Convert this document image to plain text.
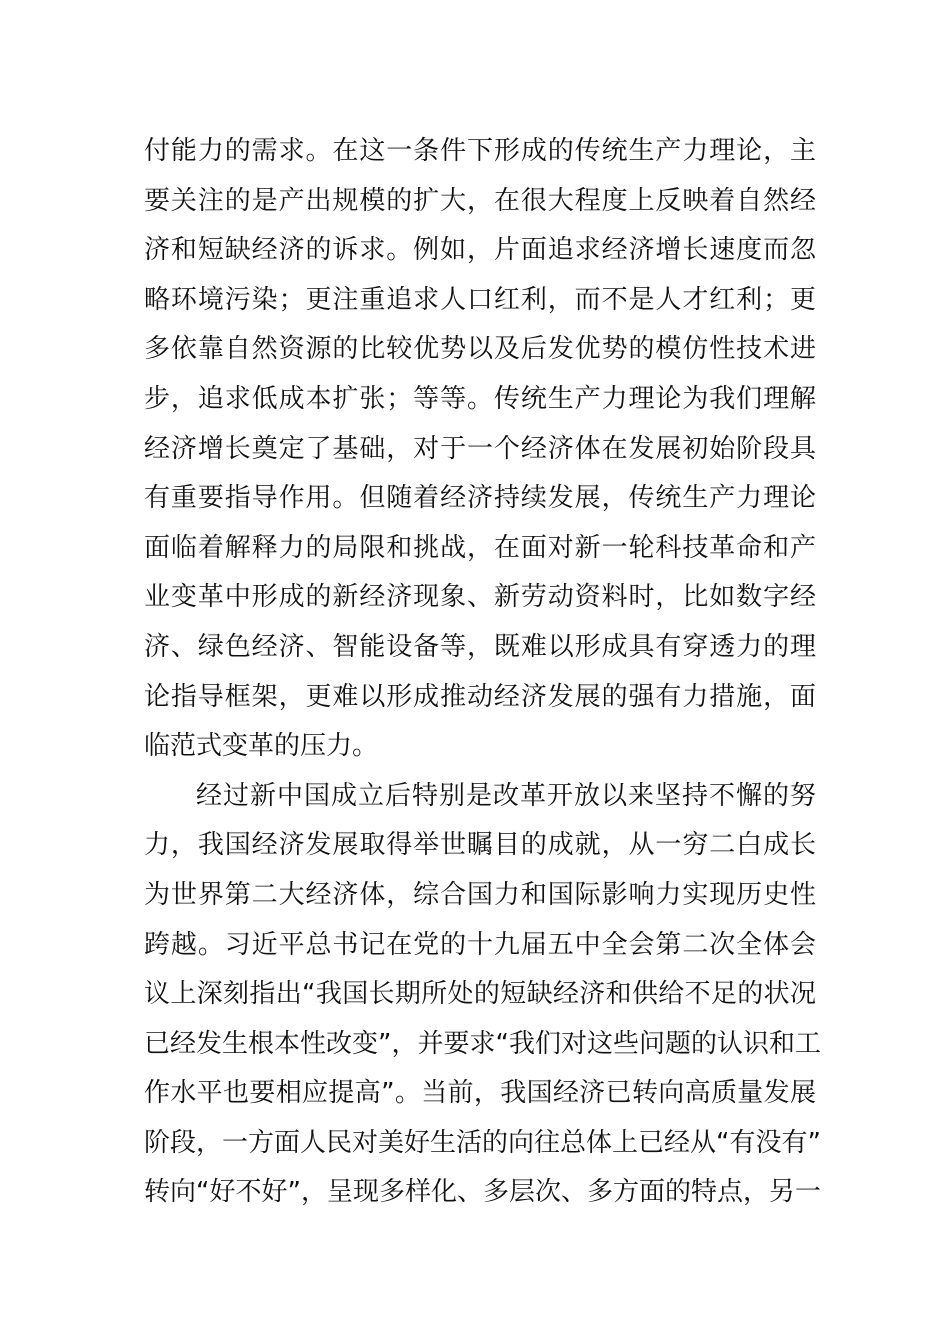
付能力的需求。在这一条件下形成的传统生产力理论，主
要关注的是产出规模的扩大，在很大程度上反映着自然经
济和短缺经济的诉求。例如，片面追求经济增长速度而忽
略环境污染；更注重追求人口红利，而不是人才红利；更
多依靠自然资源的比较优势以及后发优势的模仿性技术进
步，追求低成本扩张；等等。传统生产力理论为我们理解
经济增长奠定了基础，对于一个经济体在发展初始阶段具
有重要指导作用。但随着经济持续发展，传统生产力理论
面临着解释力的局限和挑战，在面对新一轮科技革命和产
业变革中形成的新经济现象、新劳动资料时，比如数字经
济、绿色经济、智能设备等，既难以形成具有穿透力的理
论指导框架，更难以形成推动经济发展的强有力措施，面
临范式变革的压力。
经过新中国成立后特别是改革开放以来坚持不懈的努
力，我国经济发展取得举世瞩目的成就，从一穷二白成长
为世界第二大经济体，综合国力和国际影响力实现历史性
跨越。习近平总书记在党的十九届五中全会第二次全体会
议上深刻指出“我国长期所处的短缺经济和供给不足的状况
已经发生根本性改变”，并要求“我们对这些问题的认识和工
作水平也要相应提高”。当前，我国经济已转向高质量发展
阶段，一方面人民对美好生活的向往总体上已经从“有没有”
转向“好不好”，呈现多样化、多层次、多方面的特点，另一
